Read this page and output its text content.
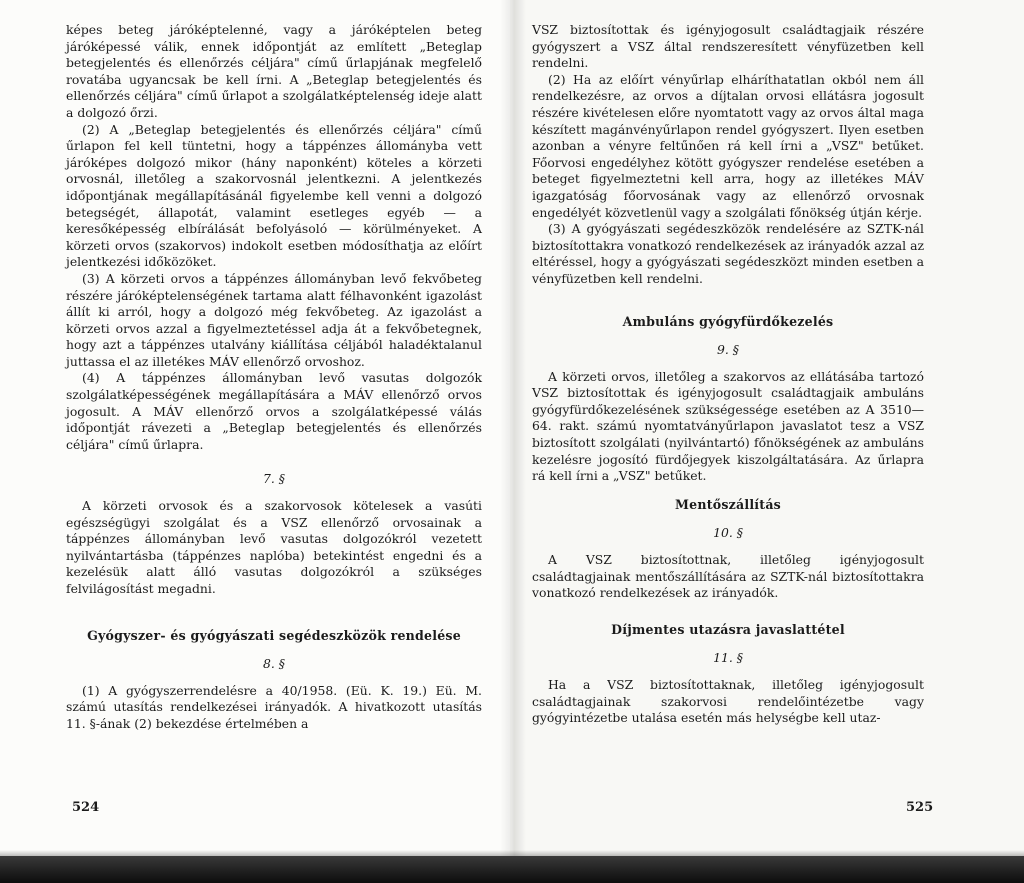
képes beteg járóképtelenné, vagy a járóképtelen beteg járóképessé válik, ennek időpontját az említett „Beteglap betegjelentés és ellenőrzés céljára" című űrlapjának megfelelő rovatába ugyancsak be kell írni. A „Beteglap betegjelentés és ellenőrzés céljára" című űrlapot a szolgálatképtelenség ideje alatt a dolgozó őrzi.

(2) A „Beteglap betegjelentés és ellenőrzés céljára" című űrlapon fel kell tüntetni, hogy a táppénzes állományba vett járóképes dolgozó mikor (hány naponként) köteles a körzeti orvosnál, illetőleg a szakorvosnál jelentkezni. A jelentkezés időpontjának megállapításánál figyelembe kell venni a dolgozó betegségét, állapotát, valamint esetleges egyéb — a keresőképesség elbírálását befolyásoló — körülményeket. A körzeti orvos (szakorvos) indokolt esetben módosíthatja az előírt jelentkezési időközöket.

(3) A körzeti orvos a táppénzes állományban levő fekvőbeteg részére járóképtelenségének tartama alatt félhavonként igazolást állít ki arról, hogy a dolgozó még fekvőbeteg. Az igazolást a körzeti orvos azzal a figyelmeztetéssel adja át a fekvőbetegnek, hogy azt a táppénzes utalvány kiállítása céljából haladéktalanul juttassa el az illetékes MÁV ellenőrző orvoshoz.

(4) A táppénzes állományban levő vasutas dolgozók szolgálatképességének megállapítására a MÁV ellenőrző orvos jogosult. A MÁV ellenőrző orvos a szolgálatképessé válás időpontját rávezeti a „Beteglap betegjelentés és ellenőrzés céljára" című űrlapra.

7. §

A körzeti orvosok és a szakorvosok kötelesek a vasúti egészségügyi szolgálat és a VSZ ellenőrző orvosainak a táppénzes állományban levő vasutas dolgozókról vezetett nyilvántartásba (táppénzes naplóba) betekintést engedni és a kezelésük alatt álló vasutas dolgozókról a szükséges felvilágosítást megadni.

Gyógyszer- és gyógyászati segédeszközök rendelése
8. §

(1) A gyógyszerrendelésre a 40/1958. (Eü. K. 19.) Eü. M. számú utasítás rendelkezései irányadók. A hivatkozott utasítás 11. §-ának (2) bekezdése értelmében a

524

VSZ biztosítottak és igényjogosult családtagjaik részére gyógyszert a VSZ által rendszeresített vényfüzetben kell rendelni.

(2) Ha az előírt vényűrlap elháríthatatlan okból nem áll rendelkezésre, az orvos a díjtalan orvosi ellátásra jogosult részére kivételesen előre nyomtatott vagy az orvos által maga készített magánvényűrlapon rendel gyógyszert. Ilyen esetben azonban a vényre feltűnően rá kell írni a „VSZ" betűket. Főorvosi engedélyhez kötött gyógyszer rendelése esetében a beteget figyelmeztetni kell arra, hogy az illetékes MÁV igazgatóság főorvosának vagy az ellenőrző orvosnak engedélyét közvetlenül vagy a szolgálati főnökség útján kérje.

(3) A gyógyászati segédeszközök rendelésére az SZTK-nál biztosítottakra vonatkozó rendelkezések az irányadók azzal az eltéréssel, hogy a gyógyászati segédeszközt minden esetben a vényfüzetben kell rendelni.

Ambuláns gyógyfürdőkezelés
9. §

A körzeti orvos, illetőleg a szakorvos az ellátásába tartozó VSZ biztosítottak és igényjogosult családtagjaik ambuláns gyógyfürdőkezelésének szükségessége esetében az A 3510—64. rakt. számú nyomtatványűrlapon javaslatot tesz a VSZ biztosított szolgálati (nyilvántartó) főnökségének az ambuláns kezelésre jogosító fürdőjegyek kiszolgáltatására. Az űrlapra rá kell írni a „VSZ" betűket.

Mentőszállítás
10. §

A VSZ biztosítottnak, illetőleg igényjogosult családtagjainak mentőszállítására az SZTK-nál biztosítottakra vonatkozó rendelkezések az irányadók.

Díjmentes utazásra javaslattétel
11. §

Ha a VSZ biztosítottaknak, illetőleg igényjogosult családtagjainak szakorvosi rendelőintézetbe vagy gyógyintézetbe utalása esetén más helységbe kell utaz-

525
